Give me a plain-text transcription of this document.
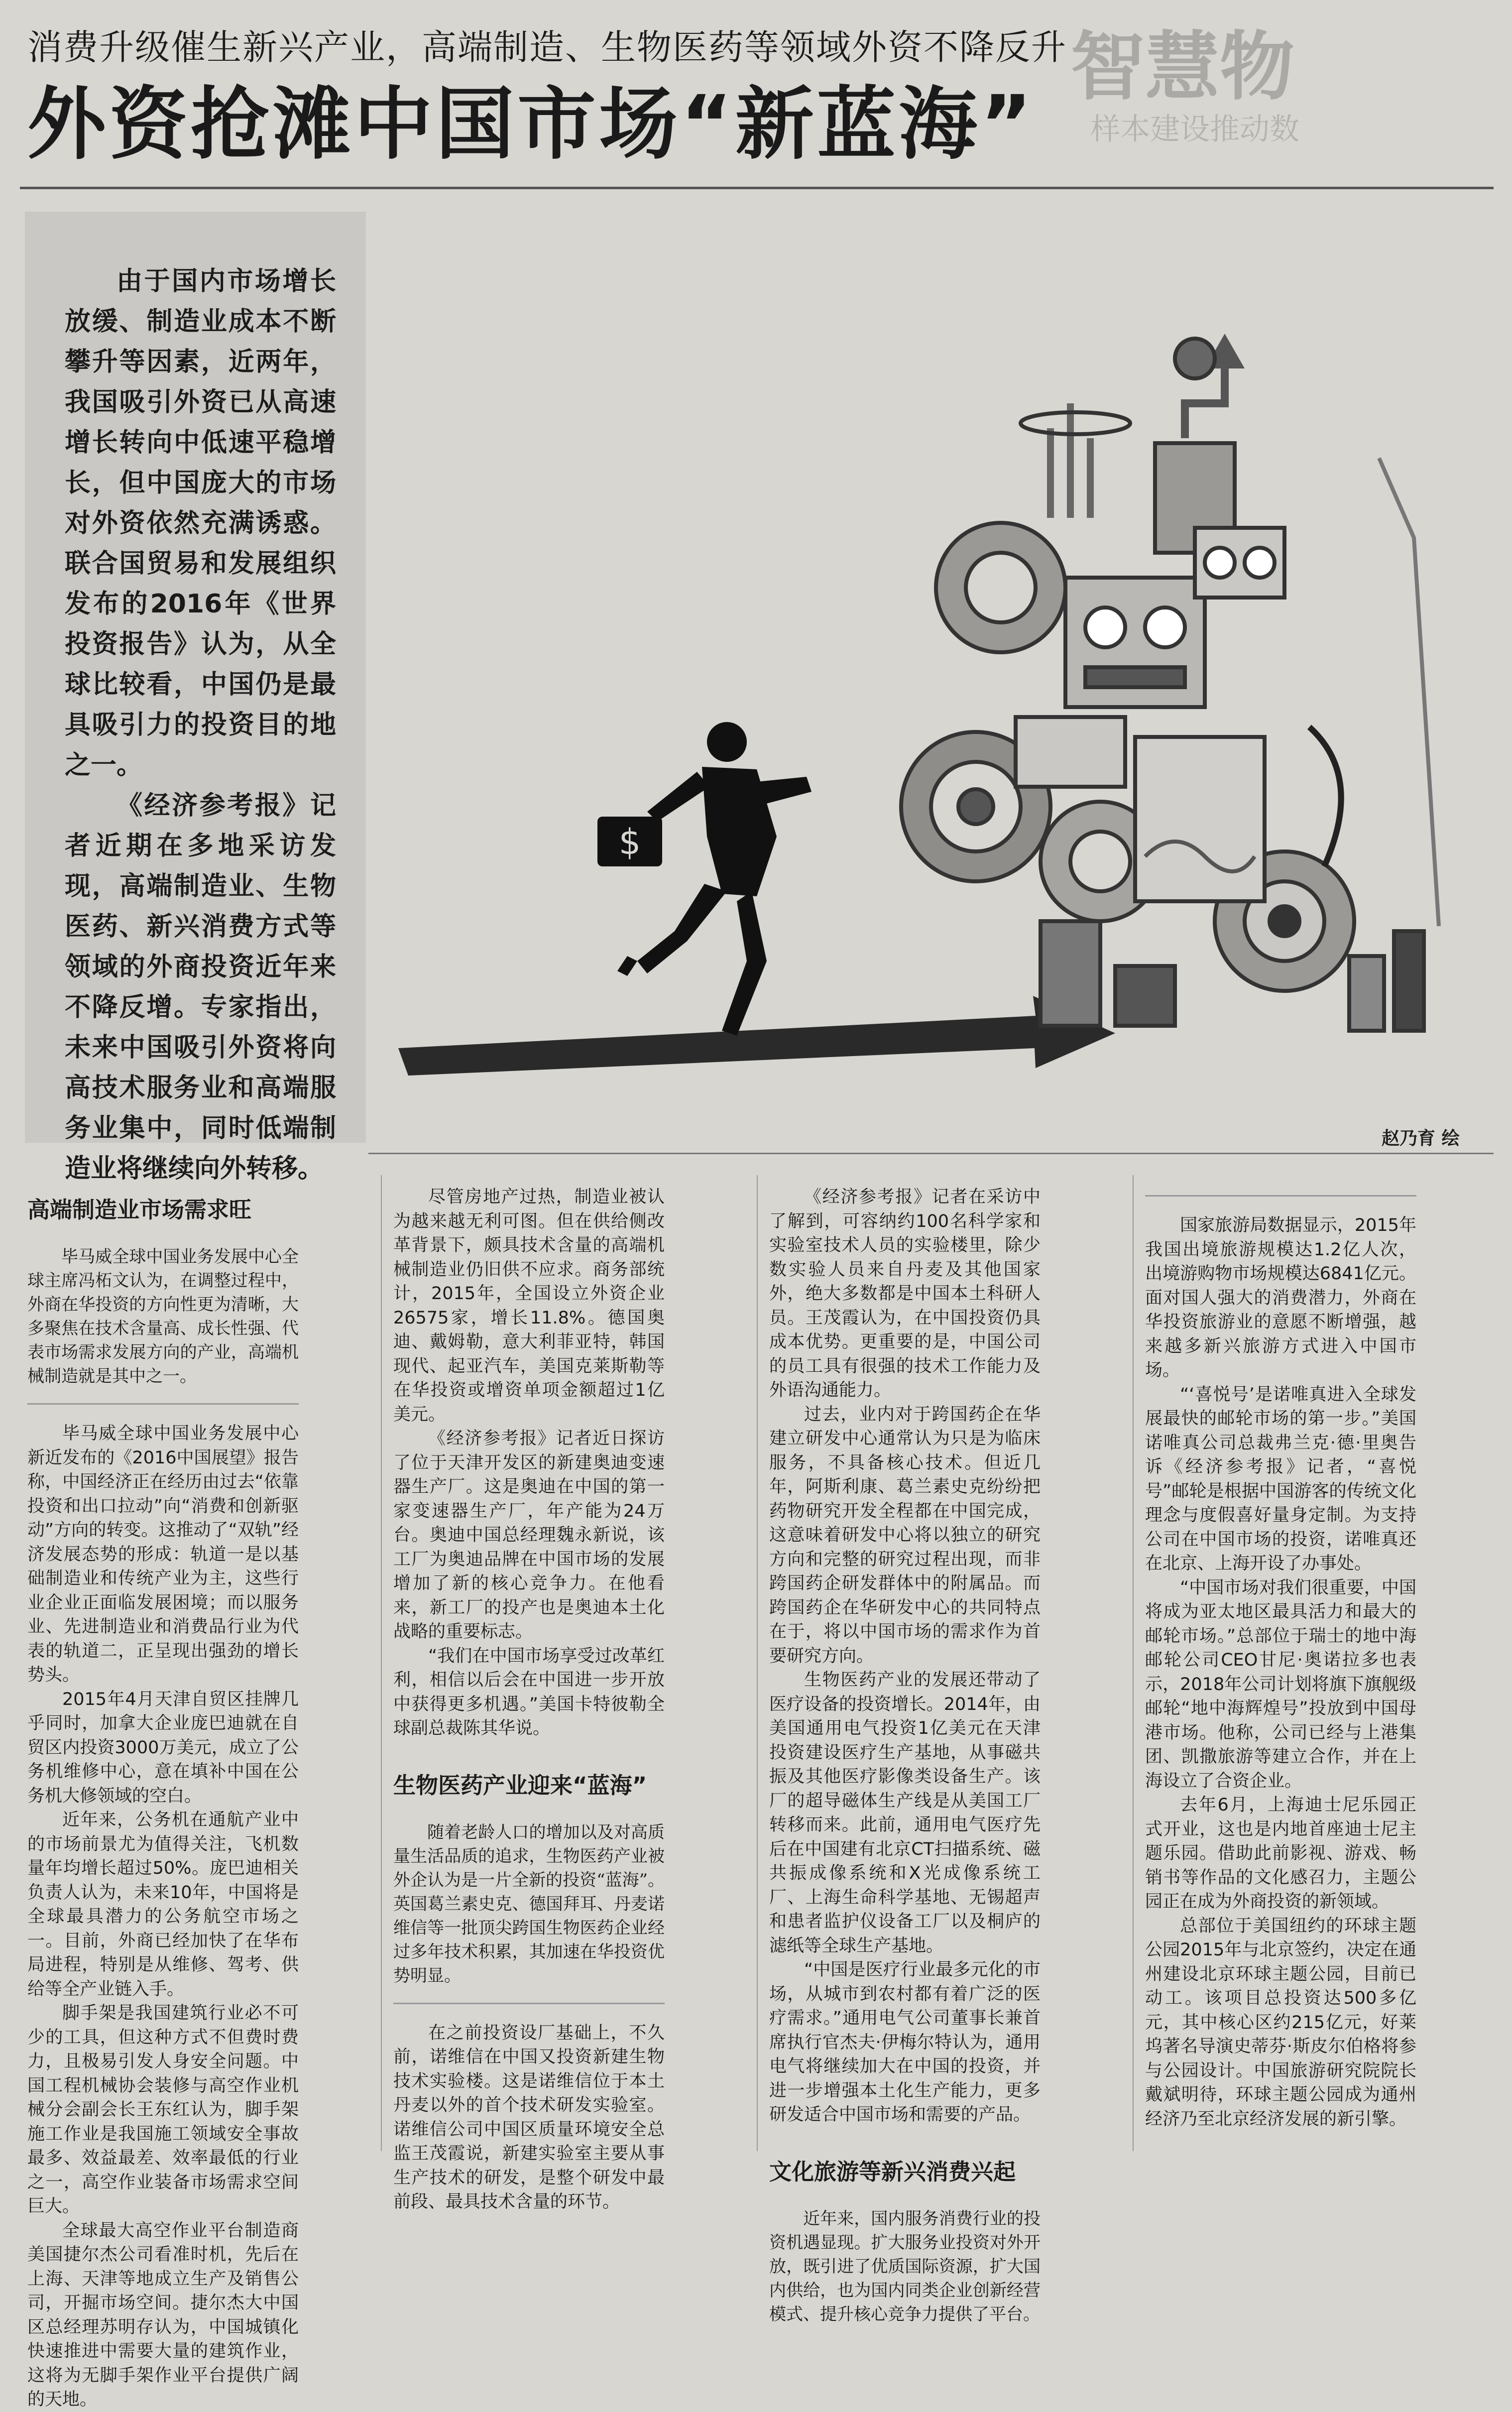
消费升级催生新兴产业，高端制造、生物医药等领域外资不降反升
外资抢滩中国市场“新蓝海”
智慧物
样本建设推动数

由于国内市场增长放缓、制造业成本不断攀升等因素，近两年，我国吸引外资已从高速增长转向中低速平稳增长，但中国庞大的市场对外资依然充满诱惑。联合国贸易和发展组织发布的2016年《世界投资报告》认为，从全球比较看，中国仍是最具吸引力的投资目的地之一。

《经济参考报》记者近期在多地采访发现，高端制造业、生物医药、新兴消费方式等领域的外商投资近年来不降反增。专家指出，未来中国吸引外资将向高技术服务业和高端服务业集中，同时低端制造业将继续向外转移。

$
赵乃育 绘
高端制造业市场需求旺

毕马威全球中国业务发展中心全球主席冯柘文认为，在调整过程中，外商在华投资的方向性更为清晰，大多聚焦在技术含量高、成长性强、代表市场需求发展方向的产业，高端机械制造就是其中之一。

毕马威全球中国业务发展中心新近发布的《2016中国展望》报告称，中国经济正在经历由过去“依靠投资和出口拉动”向“消费和创新驱动”方向的转变。这推动了“双轨”经济发展态势的形成：轨道一是以基础制造业和传统产业为主，这些行业企业正面临发展困境；而以服务业、先进制造业和消费品行业为代表的轨道二，正呈现出强劲的增长势头。

2015年4月天津自贸区挂牌几乎同时，加拿大企业庞巴迪就在自贸区内投资3000万美元，成立了公务机维修中心，意在填补中国在公务机大修领域的空白。

近年来，公务机在通航产业中的市场前景尤为值得关注，飞机数量年均增长超过50%。庞巴迪相关负责人认为，未来10年，中国将是全球最具潜力的公务航空市场之一。目前，外商已经加快了在华布局进程，特别是从维修、驾考、供给等全产业链入手。

脚手架是我国建筑行业必不可少的工具，但这种方式不但费时费力，且极易引发人身安全问题。中国工程机械协会装修与高空作业机械分会副会长王东红认为，脚手架施工作业是我国施工领域安全事故最多、效益最差、效率最低的行业之一，高空作业装备市场需求空间巨大。

全球最大高空作业平台制造商美国捷尔杰公司看准时机，先后在上海、天津等地成立生产及销售公司，开掘市场空间。捷尔杰大中国区总经理苏明存认为，中国城镇化快速推进中需要大量的建筑作业，这将为无脚手架作业平台提供广阔的天地。

尽管房地产过热，制造业被认为越来越无利可图。但在供给侧改革背景下，颇具技术含量的高端机械制造业仍旧供不应求。商务部统计，2015年，全国设立外资企业26575家，增长11.8%。德国奥迪、戴姆勒，意大利菲亚特，韩国现代、起亚汽车，美国克莱斯勒等在华投资或增资单项金额超过1亿美元。

《经济参考报》记者近日探访了位于天津开发区的新建奥迪变速器生产厂。这是奥迪在中国的第一家变速器生产厂，年产能为24万台。奥迪中国总经理魏永新说，该工厂为奥迪品牌在中国市场的发展增加了新的核心竞争力。在他看来，新工厂的投产也是奥迪本土化战略的重要标志。

“我们在中国市场享受过改革红利，相信以后会在中国进一步开放中获得更多机遇。”美国卡特彼勒全球副总裁陈其华说。

生物医药产业迎来“蓝海”

随着老龄人口的增加以及对高质量生活品质的追求，生物医药产业被外企认为是一片全新的投资“蓝海”。英国葛兰素史克、德国拜耳、丹麦诺维信等一批顶尖跨国生物医药企业经过多年技术积累，其加速在华投资优势明显。

在之前投资设厂基础上，不久前，诺维信在中国又投资新建生物技术实验楼。这是诺维信位于本土丹麦以外的首个技术研发实验室。诺维信公司中国区质量环境安全总监王茂霞说，新建实验室主要从事生产技术的研发，是整个研发中最前段、最具技术含量的环节。

《经济参考报》记者在采访中了解到，可容纳约100名科学家和实验室技术人员的实验楼里，除少数实验人员来自丹麦及其他国家外，绝大多数都是中国本土科研人员。王茂霞认为，在中国投资仍具成本优势。更重要的是，中国公司的员工具有很强的技术工作能力及外语沟通能力。

过去，业内对于跨国药企在华建立研发中心通常认为只是为临床服务，不具备核心技术。但近几年，阿斯利康、葛兰素史克纷纷把药物研究开发全程都在中国完成，这意味着研发中心将以独立的研究方向和完整的研究过程出现，而非跨国药企研发群体中的附属品。而跨国药企在华研发中心的共同特点在于，将以中国市场的需求作为首要研究方向。

生物医药产业的发展还带动了医疗设备的投资增长。2014年，由美国通用电气投资1亿美元在天津投资建设医疗生产基地，从事磁共振及其他医疗影像类设备生产。该厂的超导磁体生产线是从美国工厂转移而来。此前，通用电气医疗先后在中国建有北京CT扫描系统、磁共振成像系统和X光成像系统工厂、上海生命科学基地、无锡超声和患者监护仪设备工厂以及桐庐的滤纸等全球生产基地。

“中国是医疗行业最多元化的市场，从城市到农村都有着广泛的医疗需求。”通用电气公司董事长兼首席执行官杰夫·伊梅尔特认为，通用电气将继续加大在中国的投资，并进一步增强本土化生产能力，更多研发适合中国市场和需要的产品。

文化旅游等新兴消费兴起

近年来，国内服务消费行业的投资机遇显现。扩大服务业投资对外开放，既引进了优质国际资源，扩大国内供给，也为国内同类企业创新经营模式、提升核心竞争力提供了平台。

国家旅游局数据显示，2015年我国出境旅游规模达1.2亿人次，出境游购物市场规模达6841亿元。面对国人强大的消费潜力，外商在华投资旅游业的意愿不断增强，越来越多新兴旅游方式进入中国市场。

“‘喜悦号’是诺唯真进入全球发展最快的邮轮市场的第一步。”美国诺唯真公司总裁弗兰克·德·里奥告诉《经济参考报》记者，“喜悦号”邮轮是根据中国游客的传统文化理念与度假喜好量身定制。为支持公司在中国市场的投资，诺唯真还在北京、上海开设了办事处。

“中国市场对我们很重要，中国将成为亚太地区最具活力和最大的邮轮市场。”总部位于瑞士的地中海邮轮公司CEO甘尼·奥诺拉多也表示，2018年公司计划将旗下旗舰级邮轮“地中海辉煌号”投放到中国母港市场。他称，公司已经与上港集团、凯撒旅游等建立合作，并在上海设立了合资企业。

去年6月，上海迪士尼乐园正式开业，这也是内地首座迪士尼主题乐园。借助此前影视、游戏、畅销书等作品的文化感召力，主题公园正在成为外商投资的新领域。

总部位于美国纽约的环球主题公园2015年与北京签约，决定在通州建设北京环球主题公园，目前已动工。该项目总投资达500多亿元，其中核心区约215亿元，好莱坞著名导演史蒂芬·斯皮尔伯格将参与公园设计。中国旅游研究院院长戴斌明待，环球主题公园成为通州经济乃至北京经济发展的新引擎。
